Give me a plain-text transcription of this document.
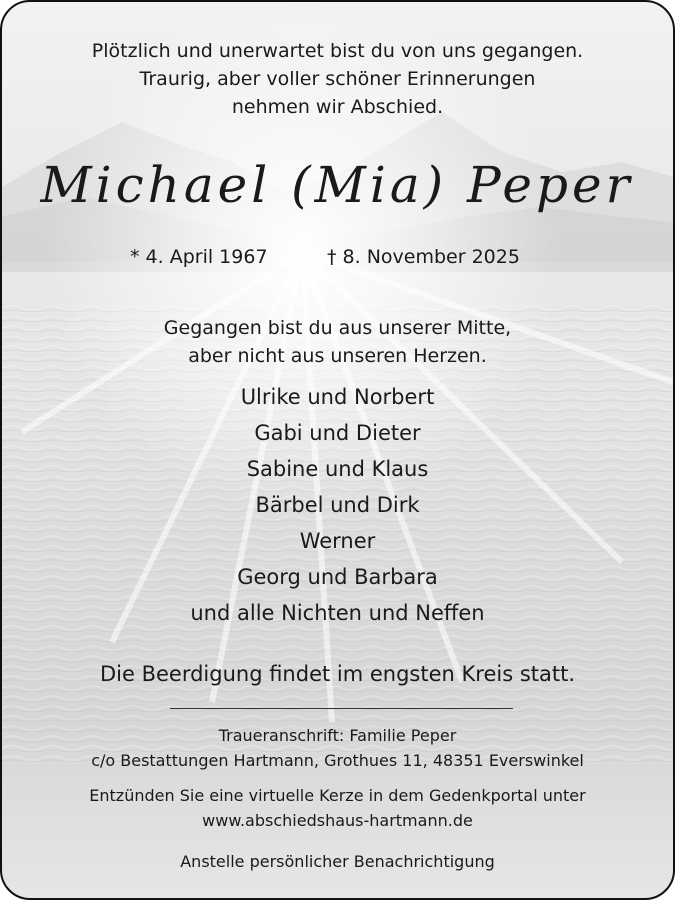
Plötzlich und unerwartet bist du von uns gegangen.
Traurig, aber voller schöner Erinnerungen
nehmen wir Abschied.
Michael (Mia) Peper
* 4. April 1967	† 8. November 2025
Gegangen bist du aus unserer Mitte,
aber nicht aus unseren Herzen.
Ulrike und Norbert
Gabi und Dieter
Sabine und Klaus
Bärbel und Dirk
Werner
Georg und Barbara
und alle Nichten und Neffen
Die Beerdigung findet im engsten Kreis statt.
Traueranschrift: Familie Peper
c/o Bestattungen Hartmann, Grothues 11, 48351 Everswinkel
Entzünden Sie eine virtuelle Kerze in dem Gedenkportal unter
www.abschiedshaus-hartmann.de
Anstelle persönlicher Benachrichtigung
